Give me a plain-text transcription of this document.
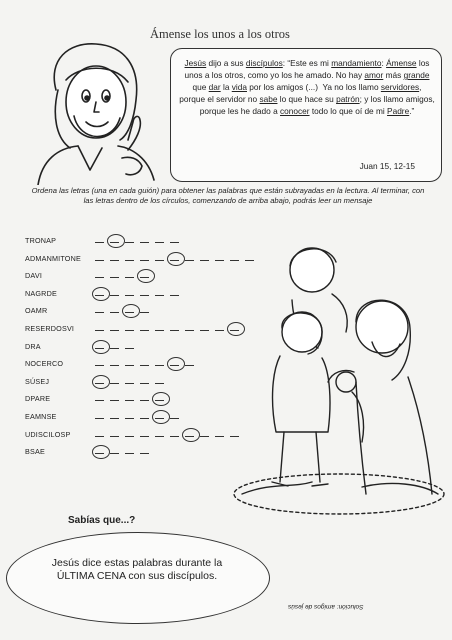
Ámense los unos a los otros
Jesús dijo a sus discípulos: “Este es mi mandamiento: Ámense los unos a los otros, como yo los he amado. No hay amor más grande que dar la vida por los amigos (...)  Ya no los llamo servidores, porque el servidor no sabe lo que hace su patrón; y los llamo amigos, porque les he dado a conocer todo lo que oí de mi Padre.”
Juan 15, 12-15
Ordena las letras (una en cada guión) para obtener las palabras que están subrayadas en la lectura. Al terminar, con las letras dentro de los círculos, comenzando de arriba abajo, podrás leer un mensaje
TRONAP
ADMANMITONE
DAVI
NAGRDE
OAMR
RESERDOSVI
DRA
NOCERCO
SÚSEJ
DPARE
EAMNSE
UDISCILOSP
BSAE
Sabías que...?
Jesús dice estas palabras durante la ÚLTIMA CENA con sus discípulos.
Solución: amigos de jesús
